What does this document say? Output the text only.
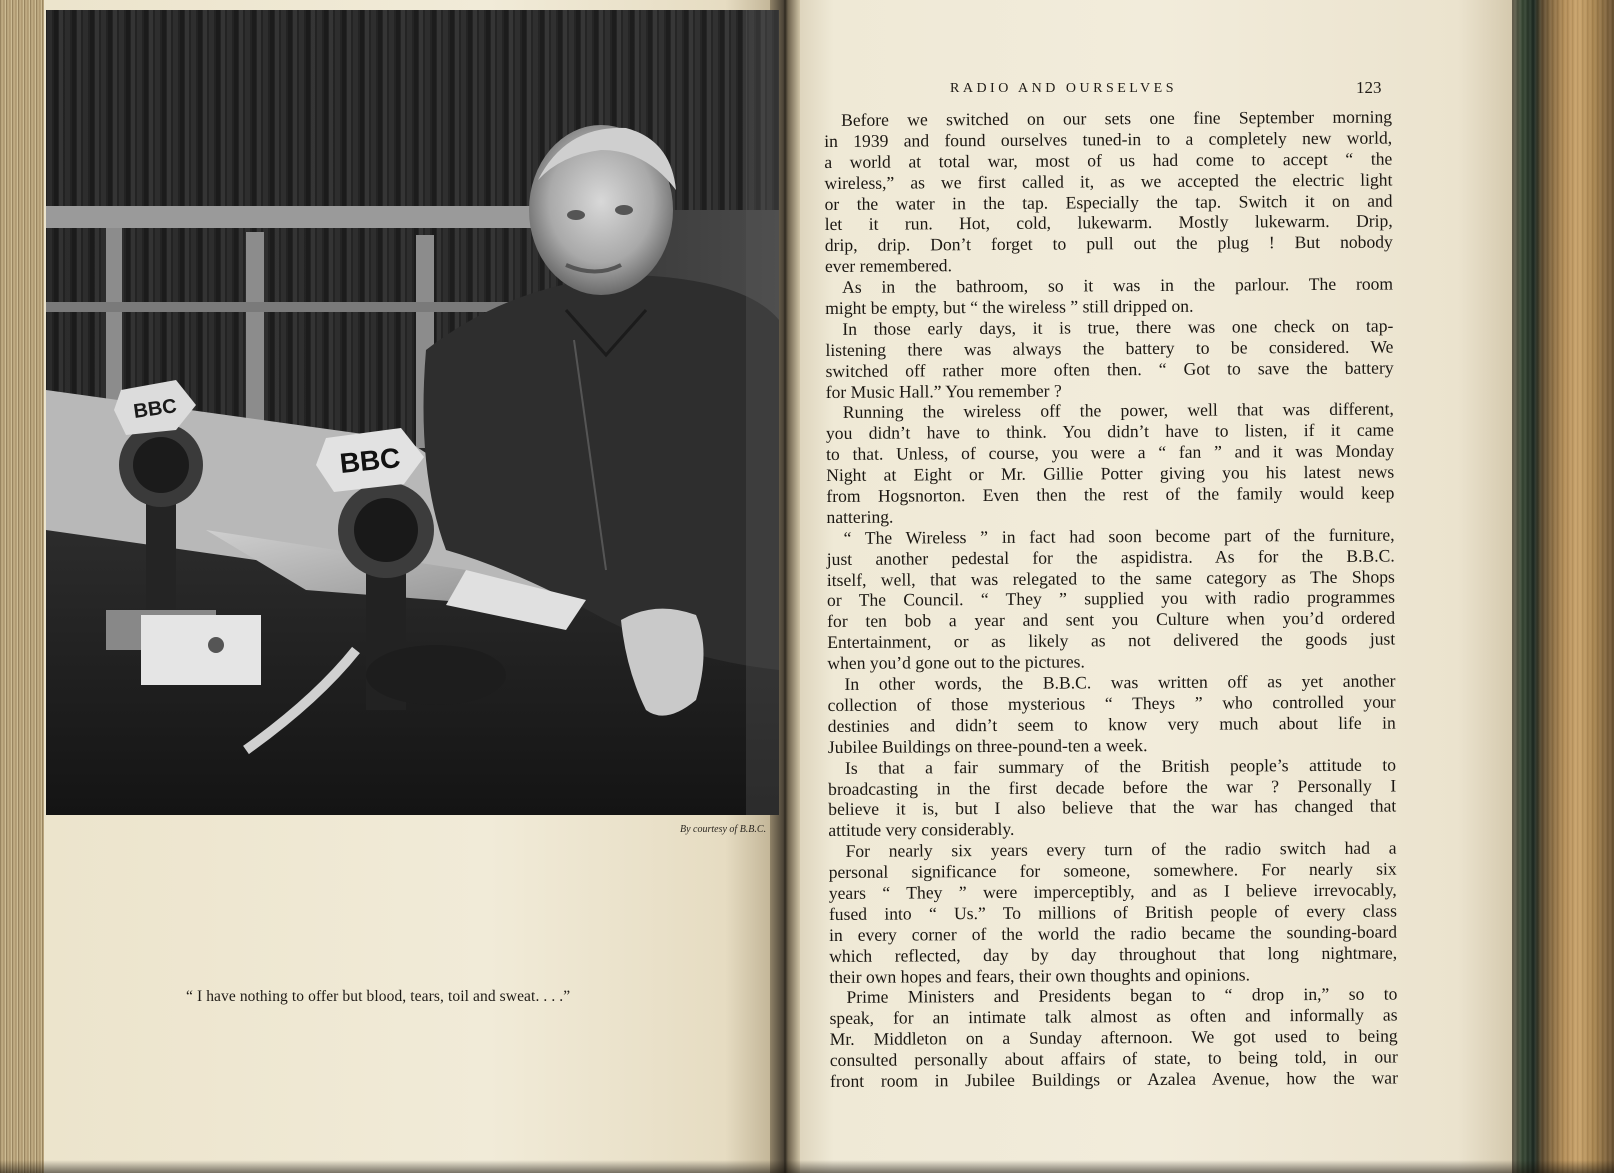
BBC
BBC
By courtesy of B.B.C.
“ I have nothing to offer but blood, tears, toil and sweat. . . .”
RADIO AND OURSELVES	123
Before we switched on our sets one fine September morning
in 1939 and found ourselves tuned-in to a completely new world,
a world at total war, most of us had come to accept “ the
wireless,” as we first called it, as we accepted the electric light
or the water in the tap. Especially the tap. Switch it on and
let it run. Hot, cold, lukewarm. Mostly lukewarm. Drip,
drip, drip. Don’t forget to pull out the plug ! But nobody
ever remembered.
As in the bathroom, so it was in the parlour. The room
might be empty, but “ the wireless ” still dripped on.
In those early days, it is true, there was one check on tap-
listening there was always the battery to be considered. We
switched off rather more often then. “ Got to save the battery
for Music Hall.” You remember ?
Running the wireless off the power, well that was different,
you didn’t have to think. You didn’t have to listen, if it came
to that. Unless, of course, you were a “ fan ” and it was Monday
Night at Eight or Mr. Gillie Potter giving you his latest news
from Hogsnorton. Even then the rest of the family would keep
nattering.
“ The Wireless ” in fact had soon become part of the furniture,
just another pedestal for the aspidistra. As for the B.B.C.
itself, well, that was relegated to the same category as The Shops
or The Council. “ They ” supplied you with radio programmes
for ten bob a year and sent you Culture when you’d ordered
Entertainment, or as likely as not delivered the goods just
when you’d gone out to the pictures.
In other words, the B.B.C. was written off as yet another
collection of those mysterious “ Theys ” who controlled your
destinies and didn’t seem to know very much about life in
Jubilee Buildings on three-pound-ten a week.
Is that a fair summary of the British people’s attitude to
broadcasting in the first decade before the war ? Personally I
believe it is, but I also believe that the war has changed that
attitude very considerably.
For nearly six years every turn of the radio switch had a
personal significance for someone, somewhere. For nearly six
years “ They ” were imperceptibly, and as I believe irrevocably,
fused into “ Us.” To millions of British people of every class
in every corner of the world the radio became the sounding-board
which reflected, day by day throughout that long nightmare,
their own hopes and fears, their own thoughts and opinions.
Prime Ministers and Presidents began to “ drop in,” so to
speak, for an intimate talk almost as often and informally as
Mr. Middleton on a Sunday afternoon. We got used to being
consulted personally about affairs of state, to being told, in our
front room in Jubilee Buildings or Azalea Avenue, how the war
